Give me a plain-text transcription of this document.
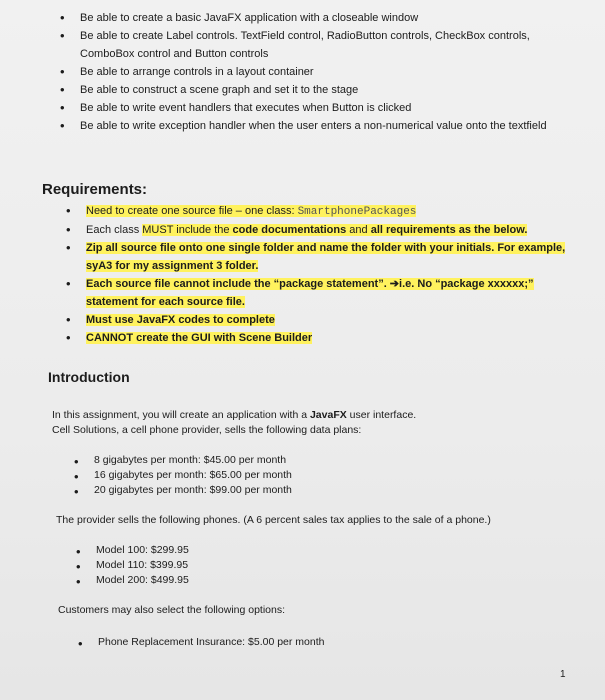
• Be able to create a basic JavaFX application with a closeable window
• Be able to create Label controls. TextField control, RadioButton controls, CheckBox controls, ComboBox control and Button controls
• Be able to arrange controls in a layout container
• Be able to construct a scene graph and set it to the stage
• Be able to write event handlers that executes when Button is clicked
• Be able to write exception handler when the user enters a non-numerical value onto the textfield
Requirements:
• Need to create one source file – one class: SmartphonePackages
• Each class MUST include the code documentations and all requirements as the below.
• Zip all source file onto one single folder and name the folder with your initials. For example, syA3 for my assignment 3 folder.
• Each source file cannot include the “package statement”. ➔i.e. No “package xxxxxx;” statement for each source file.
• Must use JavaFX codes to complete
• CANNOT create the GUI with Scene Builder
Introduction

In this assignment, you will create an application with a JavaFX user interface.

Cell Solutions, a cell phone provider, sells the following data plans:

• 8 gigabytes per month: $45.00 per month
• 16 gigabytes per month: $65.00 per month
• 20 gigabytes per month: $99.00 per month

The provider sells the following phones. (A 6 percent sales tax applies to the sale of a phone.)

• Model 100: $299.95
• Model 110: $399.95
• Model 200: $499.95

Customers may also select the following options:

• Phone Replacement Insurance: $5.00 per month
1
